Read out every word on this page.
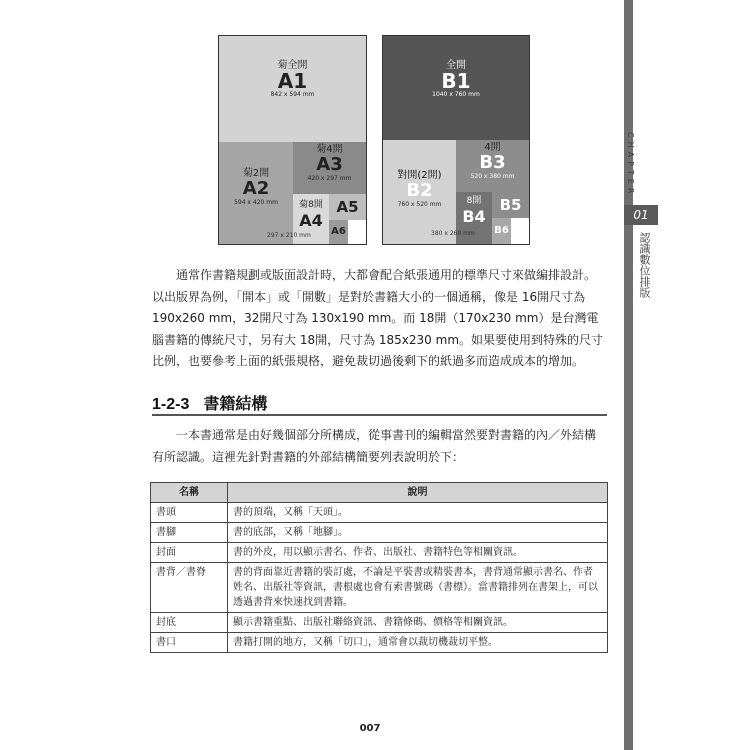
菊全開
A1
842 x 594 mm
菊2開
A2
594 x 420 mm
菊4開
A3
420 x 297 mm
菊8開
A4
A5
A6
297 x 210 mm
全開
B1
1040 x 760 mm
對開(2開)
B2
760 x 520 mm
4開
B3
520 x 380 mm
8開
B4
B5
B6
380 x 260 mm
CHAPTER
01
認識數位排版
通常作書籍規劃或版面設計時，大都會配合紙張通用的標準尺寸來做編排設計。以出版界為例，「開本」或「開數」是對於書籍大小的一個通稱，像是 16開尺寸為 190x260 mm，32開尺寸為 130x190 mm。而 18開（170x230 mm）是台灣電腦書籍的傳統尺寸，另有大 18開，尺寸為 185x230 mm。如果要使用到特殊的尺寸比例，也要參考上面的紙張規格，避免裁切過後剩下的紙過多而造成成本的增加。
1-2-3 書籍結構
一本書通常是由好幾個部分所構成，從事書刊的編輯當然要對書籍的內／外結構有所認識。這裡先針對書籍的外部結構簡要列表說明於下：
名稱	說明
書頭	書的頂端，又稱「天頭」。
書腳	書的底部，又稱「地腳」。
封面	書的外皮，用以顯示書名、作者、出版社、書籍特色等相關資訊。
書背／書脊	書的背面靠近書籍的裝訂處，不論是平裝書或精裝書本，書背通常顯示書名、作者姓名、出版社等資訊，書根處也會有索書號碼（書標）。當書籍排列在書架上，可以透過書背來快速找到書籍。
封底	顯示書籍重點、出版社聯絡資訊、書籍條碼、價格等相關資訊。
書口	書籍打開的地方，又稱「切口」，通常會以裁切機裁切平整。
007
